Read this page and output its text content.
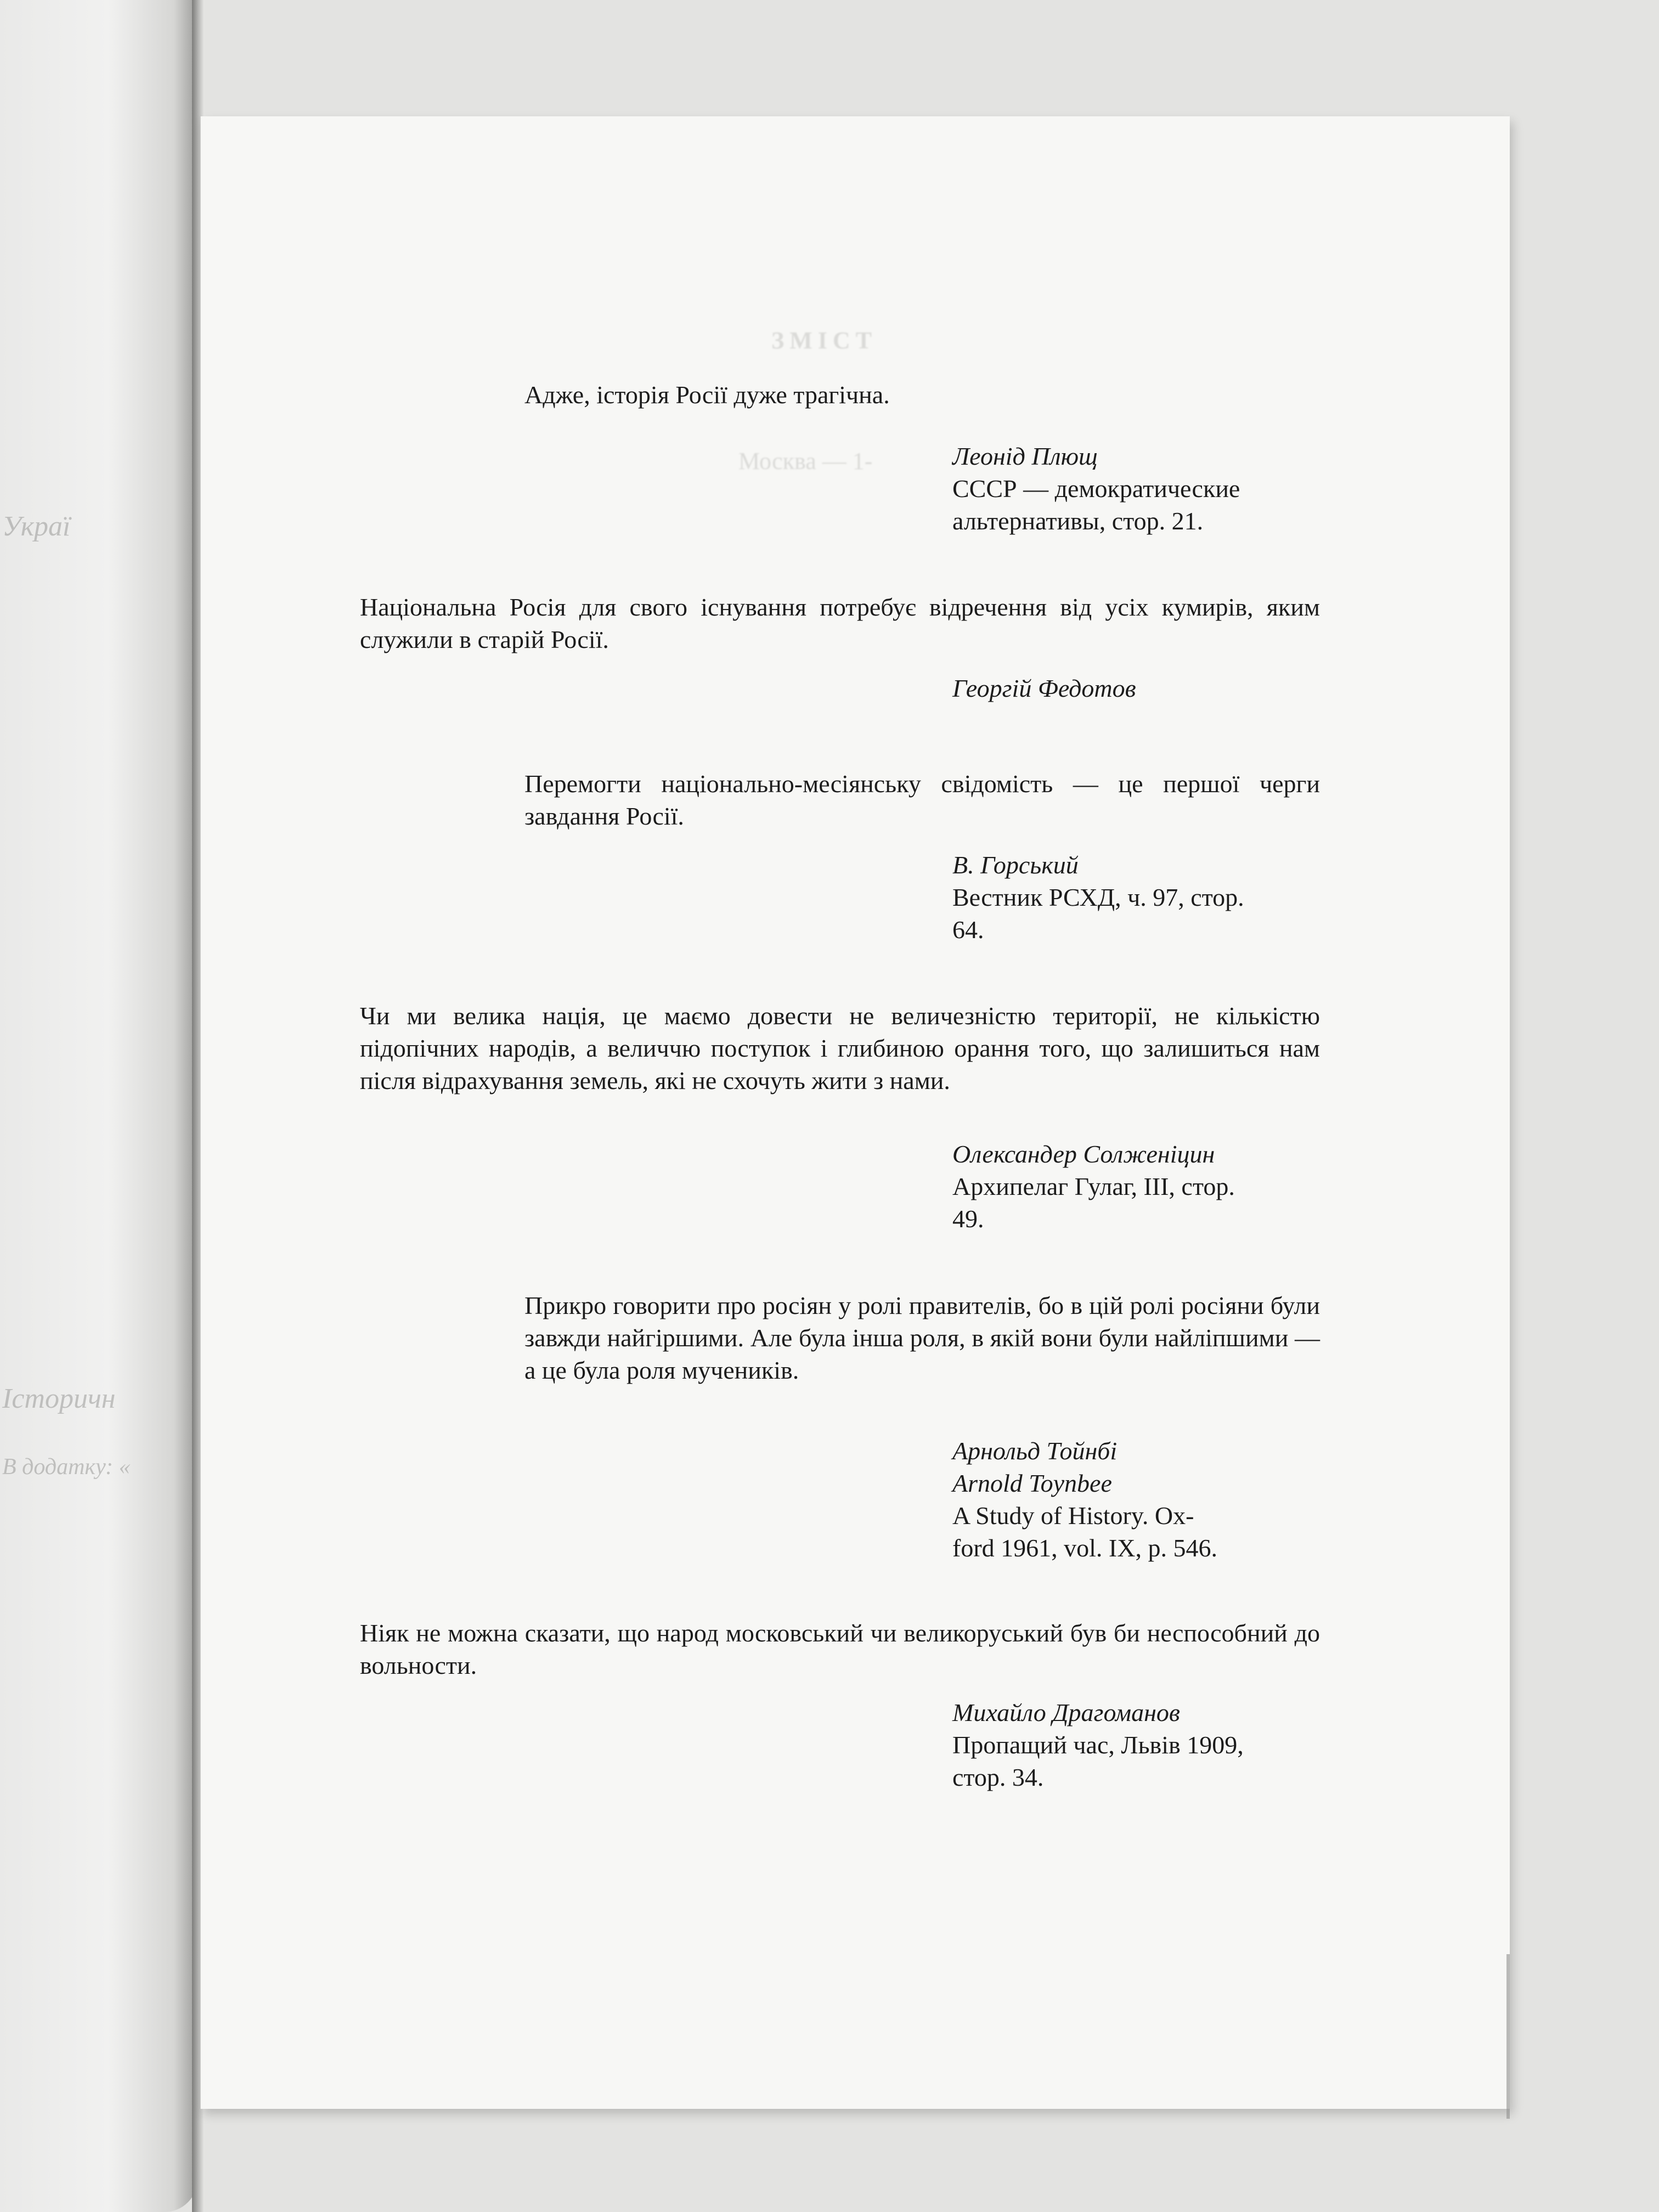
Украї
Історичн
В додатку: «
ЗМІСТ
Москва — 1-
Адже, історія Росії дуже трагічна.
Леонід Плющ
СССР — демократические
альтернативы, стор. 21.
Національна Росія для свого існування потребує відречення від усіх кумирів, яким служили в старій Росії.
Георгій Федотов
Перемогти національно-месіянську свідомість — це першої черги завдання Росії.
В. Горський
Вестник РСХД, ч. 97, стор.
64.
Чи ми велика нація, це маємо довести не величезністю території, не кількістю підопічних народів, а величчю поступок і глибиною орання того, що залишиться нам після відрахування земель, які не схочуть жити з нами.
Олександер Солженіцин
Архипелаг Гулаг, III, стор.
49.
Прикро говорити про росіян у ролі правителів, бо в цій ролі росіяни були завжди найгіршими. Але була інша роля, в якій вони були найліпшими — а це була роля мучеників.
Арнольд Тойнбі
Arnold Toynbee
A Study of History. Ox-
ford 1961, vol. IX, p. 546.
Ніяк не можна сказати, що народ московський чи великоруський був би неспособний до вольности.
Михайло Драгоманов
Пропащий час, Львів 1909,
стор. 34.
